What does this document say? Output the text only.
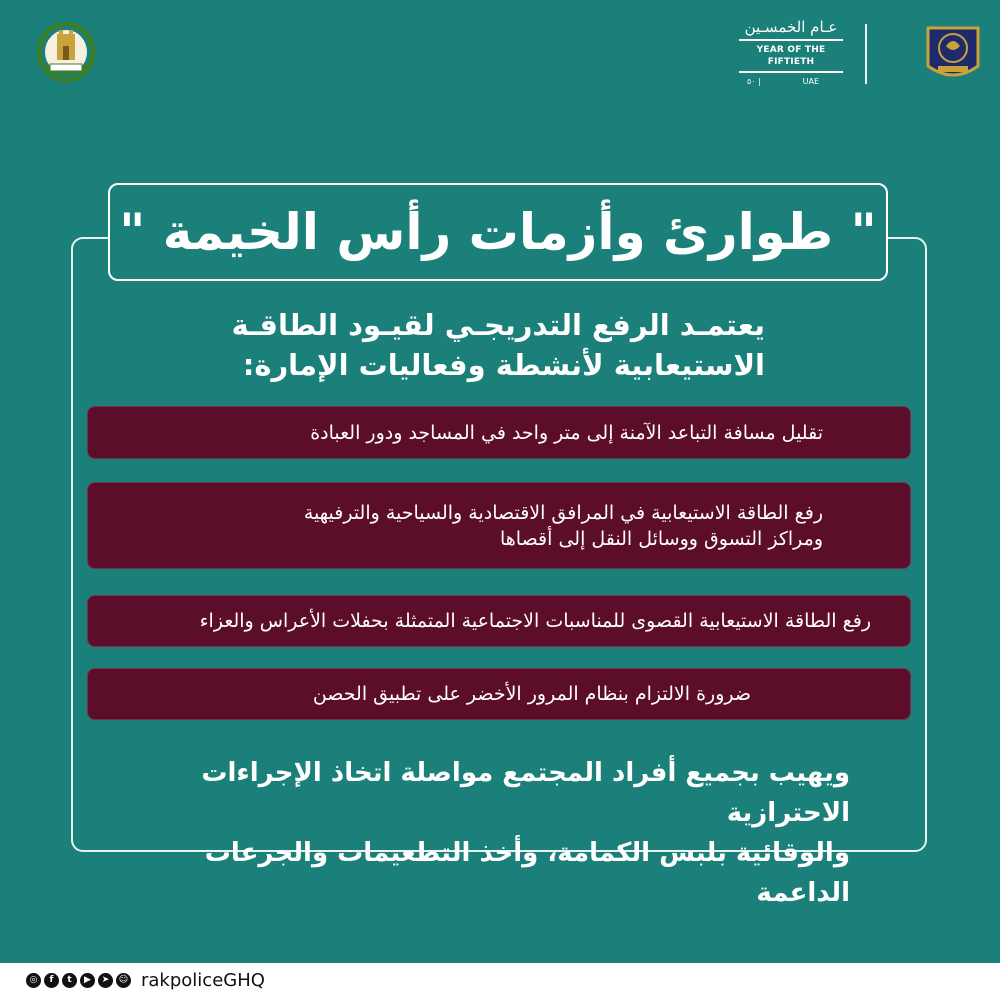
عـام الخمسـين
YEAR OF THE FIFTIETH
٥٠ |	UAE
" طوارئ وأزمات رأس الخيمة "
يعتمـد الرفع التدريجـي لقيـود الطاقـة
الاستيعابية لأنشطة وفعاليات الإمارة:
تقليل مسافة التباعد الآمنة إلى متر واحد في المساجد ودور العبادة
رفع الطاقة الاستيعابية في المرافق الاقتصادية والسياحية والترفيهية
ومراكز التسوق ووسائل النقل إلى أقصاها
رفع الطاقة الاستيعابية القصوى للمناسبات الاجتماعية المتمثلة بحفلات الأعراس والعزاء
ضرورة الالتزام بنظام المرور الأخضر على تطبيق الحصن
ويهيب بجميع أفراد المجتمع مواصلة اتخاذ الإجراءات الاحترازية
والوقائية بلبس الكمامة، وأخذ التطعيمات والجرعات الداعمة
◎	f	t	▶	➤	☺ rakpoliceGHQ
